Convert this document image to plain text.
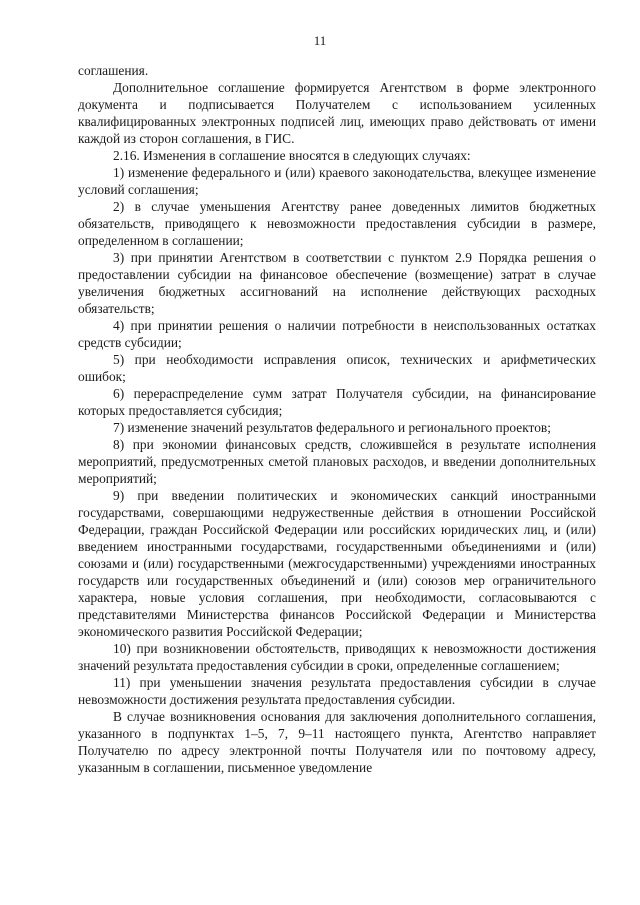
11

соглашения.

Дополнительное соглашение формируется Агентством в форме электронного документа и подписывается Получателем с использованием усиленных квалифицированных электронных подписей лиц, имеющих право действовать от имени каждой из сторон соглашения, в ГИС.

2.16. Изменения в соглашение вносятся в следующих случаях:

1) изменение федерального и (или) краевого законодательства, влекущее изменение условий соглашения;

2) в случае уменьшения Агентству ранее доведенных лимитов бюджетных обязательств, приводящего к невозможности предоставления субсидии в размере, определенном в соглашении;

3) при принятии Агентством в соответствии с пунктом 2.9 Порядка решения о предоставлении субсидии на финансовое обеспечение (возмещение) затрат в случае увеличения бюджетных ассигнований на исполнение действующих расходных обязательств;

4) при принятии решения о наличии потребности в неиспользованных остатках средств субсидии;

5) при необходимости исправления описок, технических и арифметических ошибок;

6) перераспределение сумм затрат Получателя субсидии, на финансирование которых предоставляется субсидия;

7) изменение значений результатов федерального и регионального проектов;

8) при экономии финансовых средств, сложившейся в результате исполнения мероприятий, предусмотренных сметой плановых расходов, и введении дополнительных мероприятий;

9) при введении политических и экономических санкций иностранными государствами, совершающими недружественные действия в отношении Российской Федерации, граждан Российской Федерации или российских юридических лиц, и (или) введением иностранными государствами, государственными объединениями и (или) союзами и (или) государственными (межгосударственными) учреждениями иностранных государств или государственных объединений и (или) союзов мер ограничительного характера, новые условия соглашения, при необходимости, согласовываются с представителями Министерства финансов Российской Федерации и Министерства экономического развития Российской Федерации;

10) при возникновении обстоятельств, приводящих к невозможности достижения значений результата предоставления субсидии в сроки, определенные соглашением;

11) при уменьшении значения результата предоставления субсидии в случае невозможности достижения результата предоставления субсидии.

В случае возникновения основания для заключения дополнительного соглашения, указанного в подпунктах 1–5, 7, 9–11 настоящего пункта, Агентство направляет Получателю по адресу электронной почты Получателя или по почтовому адресу, указанным в соглашении, письменное уведомление
